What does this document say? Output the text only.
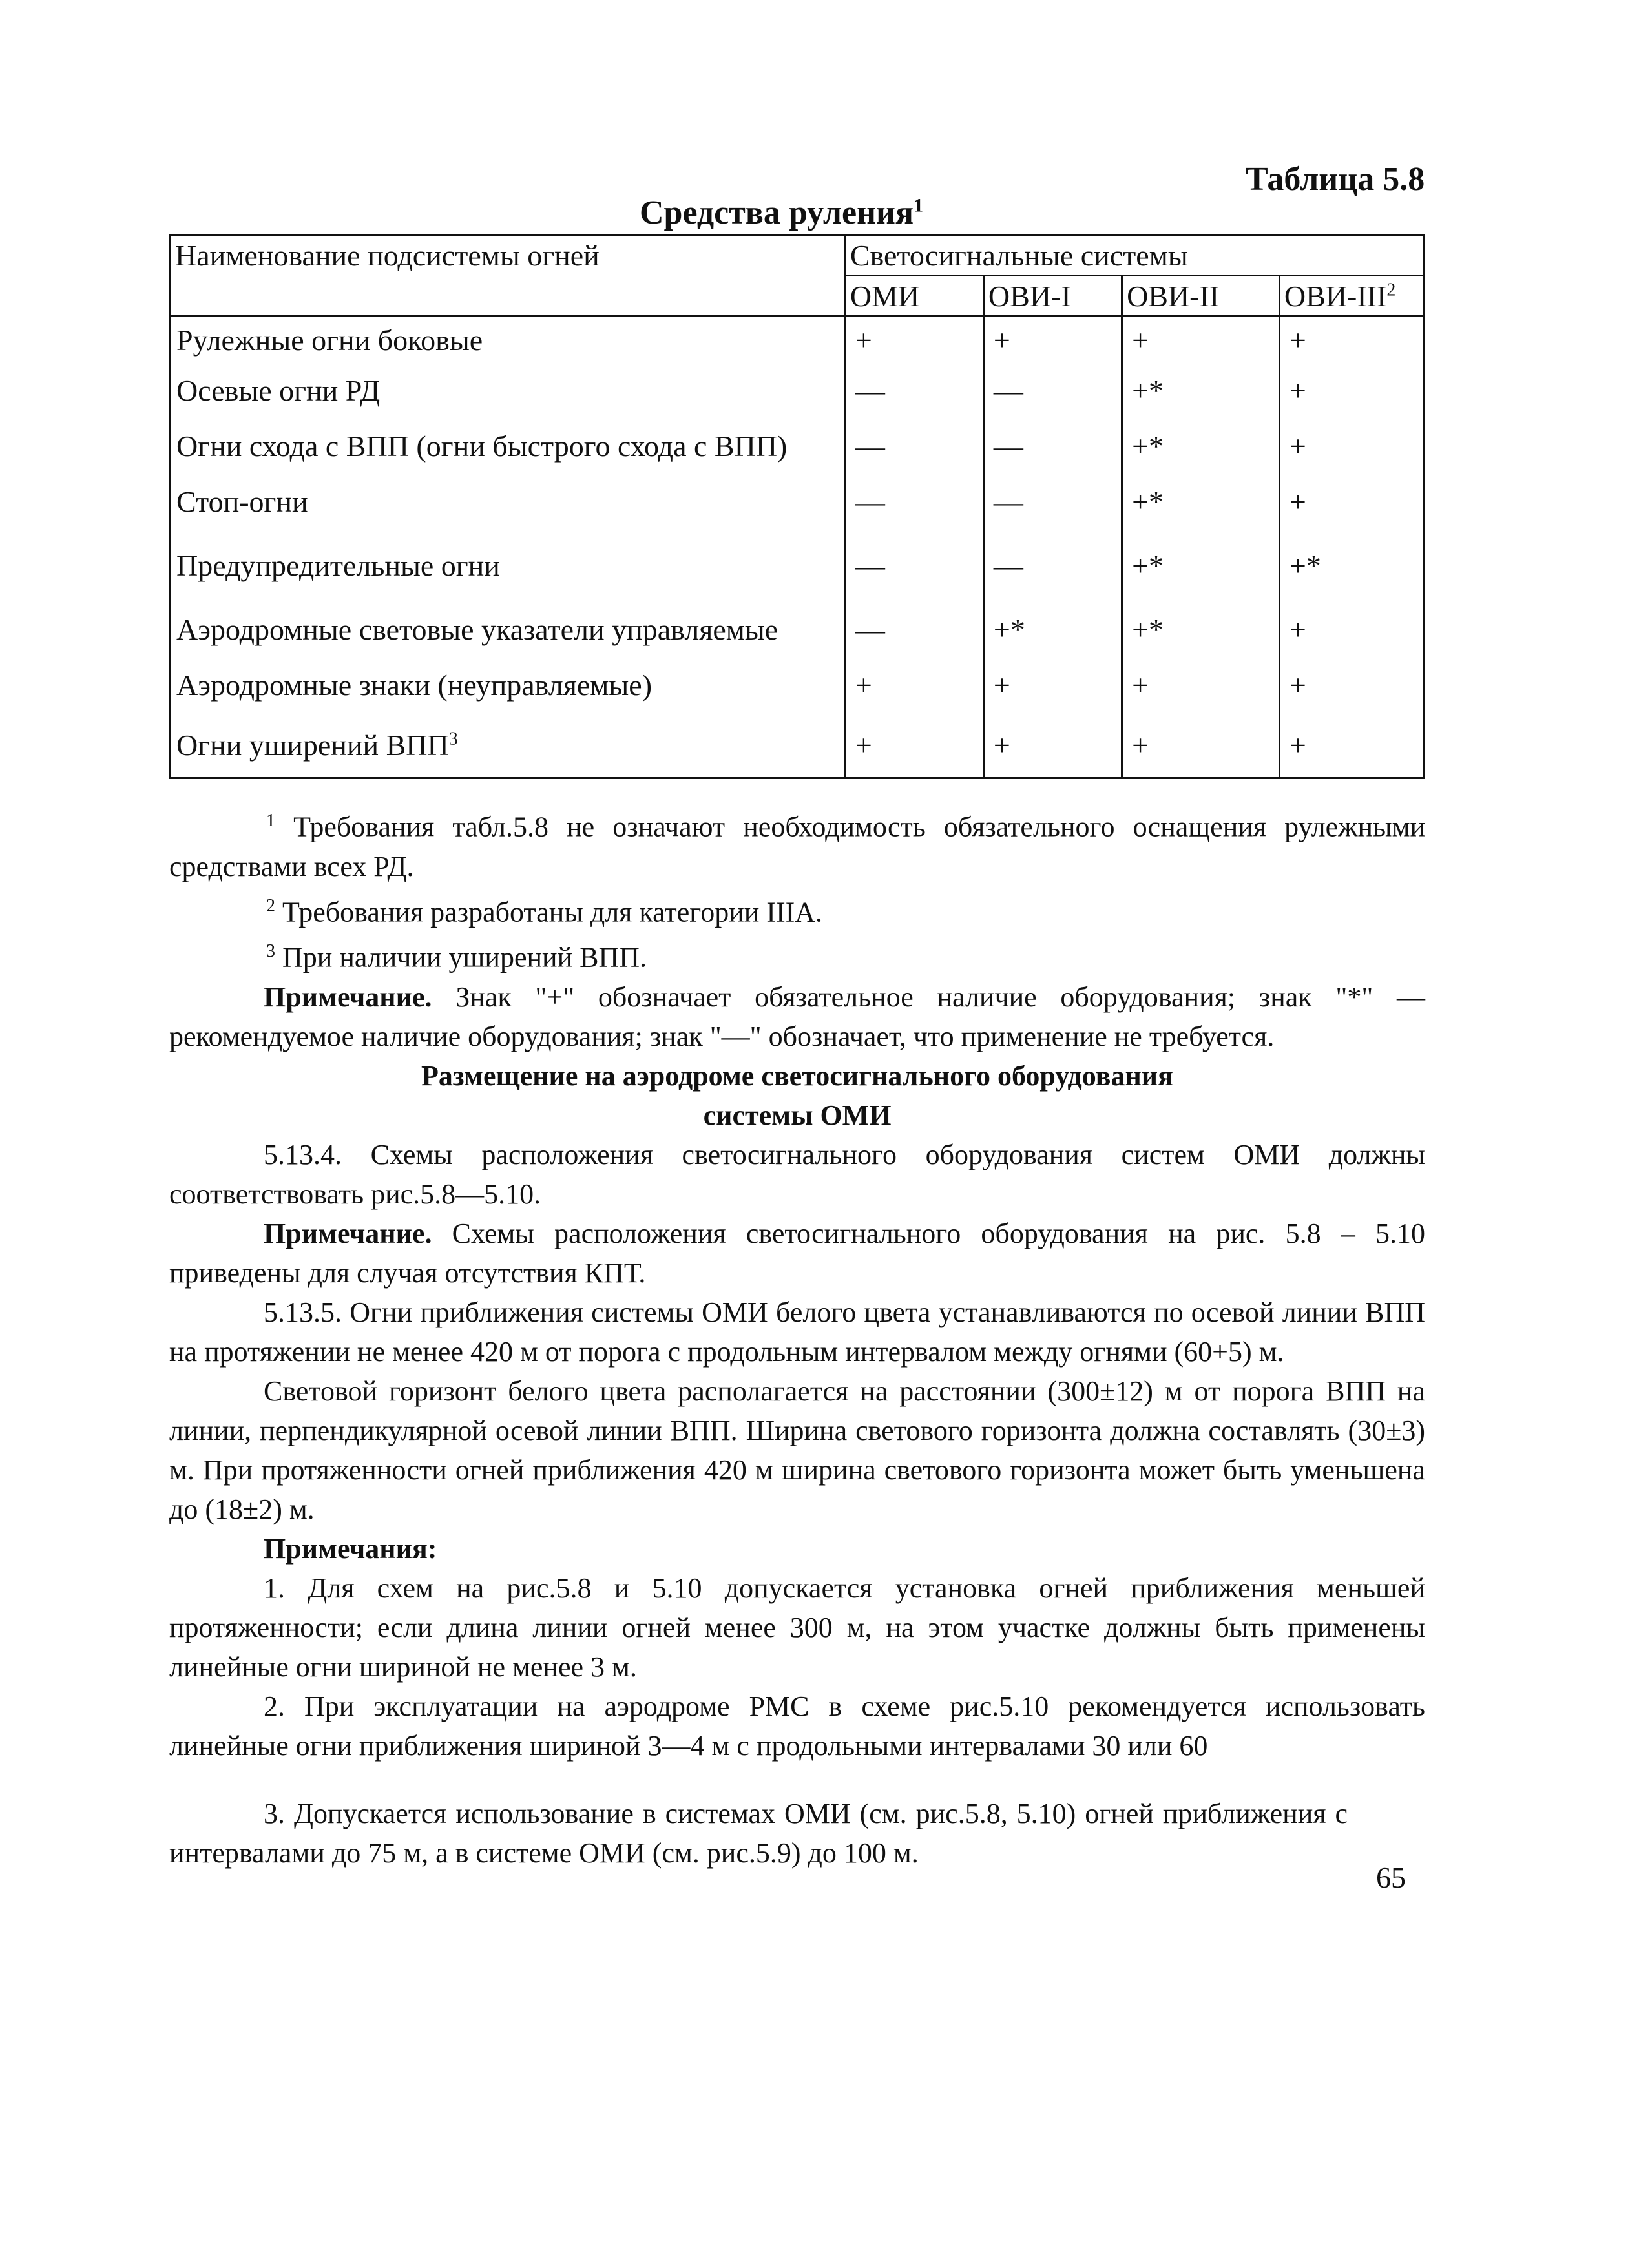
Таблица 5.8
Средства руления$^1$
Наименование подсистемы огней	Светосигнальные системы			
	ОМИ	ОВИ-I	ОВИ-II	ОВИ-III$^2$
Рулежные огни боковые	+	+	+	+
Осевые огни РД	—	—	+*	+
Огни схода с ВПП (огни быстрого схода с ВПП)	—	—	+*	+
Стоп-огни	—	—	+*	+
Предупредительные огни	—	—	+*	+*
Аэродромные световые указатели управляемые	—	+*	+*	+
Аэродромные знаки (неуправляемые)	+	+	+	+
Огни уширений $ВПП^3$	+	+	+	+

$^1$ Требования табл.5.8 не означают необходимость обязательного оснащения рулежными средствами всех РД.

$^2$ Требования разработаны для категории IIIА.

$^3$ При наличии уширений ВПП.

Примечание. Знак "+" обозначает обязательное наличие оборудования; знак "*" — рекомендуемое наличие оборудования; знак "—" обозначает, что применение не требуется.

Размещение на аэродроме светосигнального оборудования

системы ОМИ

5.13.4. Схемы расположения светосигнального оборудования систем ОМИ должны соответствовать рис.5.8—5.10.

Примечание. Схемы расположения светосигнального оборудования на рис. 5.8 – 5.10 приведены для случая отсутствия КПТ.

5.13.5. Огни приближения системы ОМИ белого цвета устанавливаются по осевой линии ВПП на протяжении не менее 420 м от порога с продольным интервалом между огнями (60+5) м.

Световой горизонт белого цвета располагается на расстоянии (300±12) м от порога ВПП на линии, перпендикулярной осевой линии ВПП. Ширина светового горизонта должна составлять (30±3) м. При протяженности огней приближения 420 м ширина светового горизонта может быть уменьшена до (18±2) м.

Примечания:

1. Для схем на рис.5.8 и 5.10 допускается установка огней приближения меньшей протяженности; если длина линии огней менее 300 м, на этом участке должны быть применены линейные огни шириной не менее 3 м.

2. При эксплуатации на аэродроме РМС в схеме рис.5.10 рекомендуется использовать линейные огни приближения шириной 3—4 м с продольными интервалами 30 или 60

3. Допускается использование в системах ОМИ (см. рис.5.8, 5.10) огней приближения с интервалами до 75 м, а в системе ОМИ (см. рис.5.9) до 100 м.

65
